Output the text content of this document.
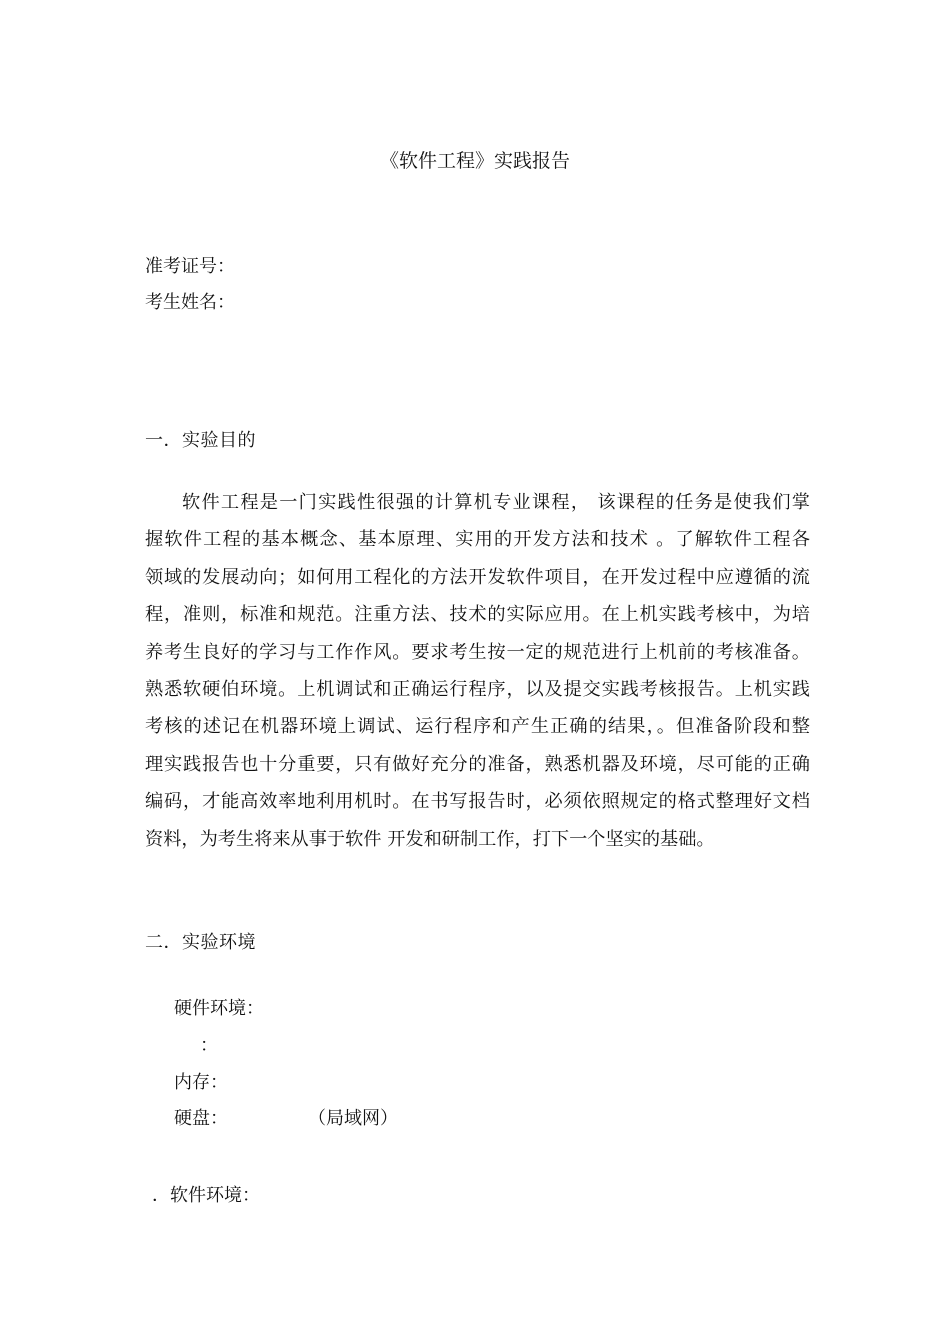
《软件工程》实践报告
准考证号：
考生姓名：
一．实验目的
软件工程是一门实践性很强的计算机专业课程， 该课程的任务是使我们掌
握软件工程的基本概念、基本原理、实用的开发方法和技术 。了解软件工程各
领域的发展动向；如何用工程化的方法开发软件项目，在开发过程中应遵循的流
程，准则，标准和规范。注重方法、技术的实际应用。在上机实践考核中，为培
养考生良好的学习与工作作风。要求考生按一定的规范进行上机前的考核准备。
熟悉软硬伯环境。上机调试和正确运行程序，以及提交实践考核报告。上机实践
考核的述记在机器环境上调试、运行程序和产生正确的结果，。但准备阶段和整
理实践报告也十分重要，只有做好充分的准备，熟悉机器及环境，尽可能的正确
编码，才能高效率地利用机时。在书写报告时，必须依照规定的格式整理好文档
资料，为考生将来从事于软件 开发和研制工作，打下一个坚实的基础。
二．实验环境
硬件环境：
：
内存：
硬盘：	（局域网）
．软件环境：
